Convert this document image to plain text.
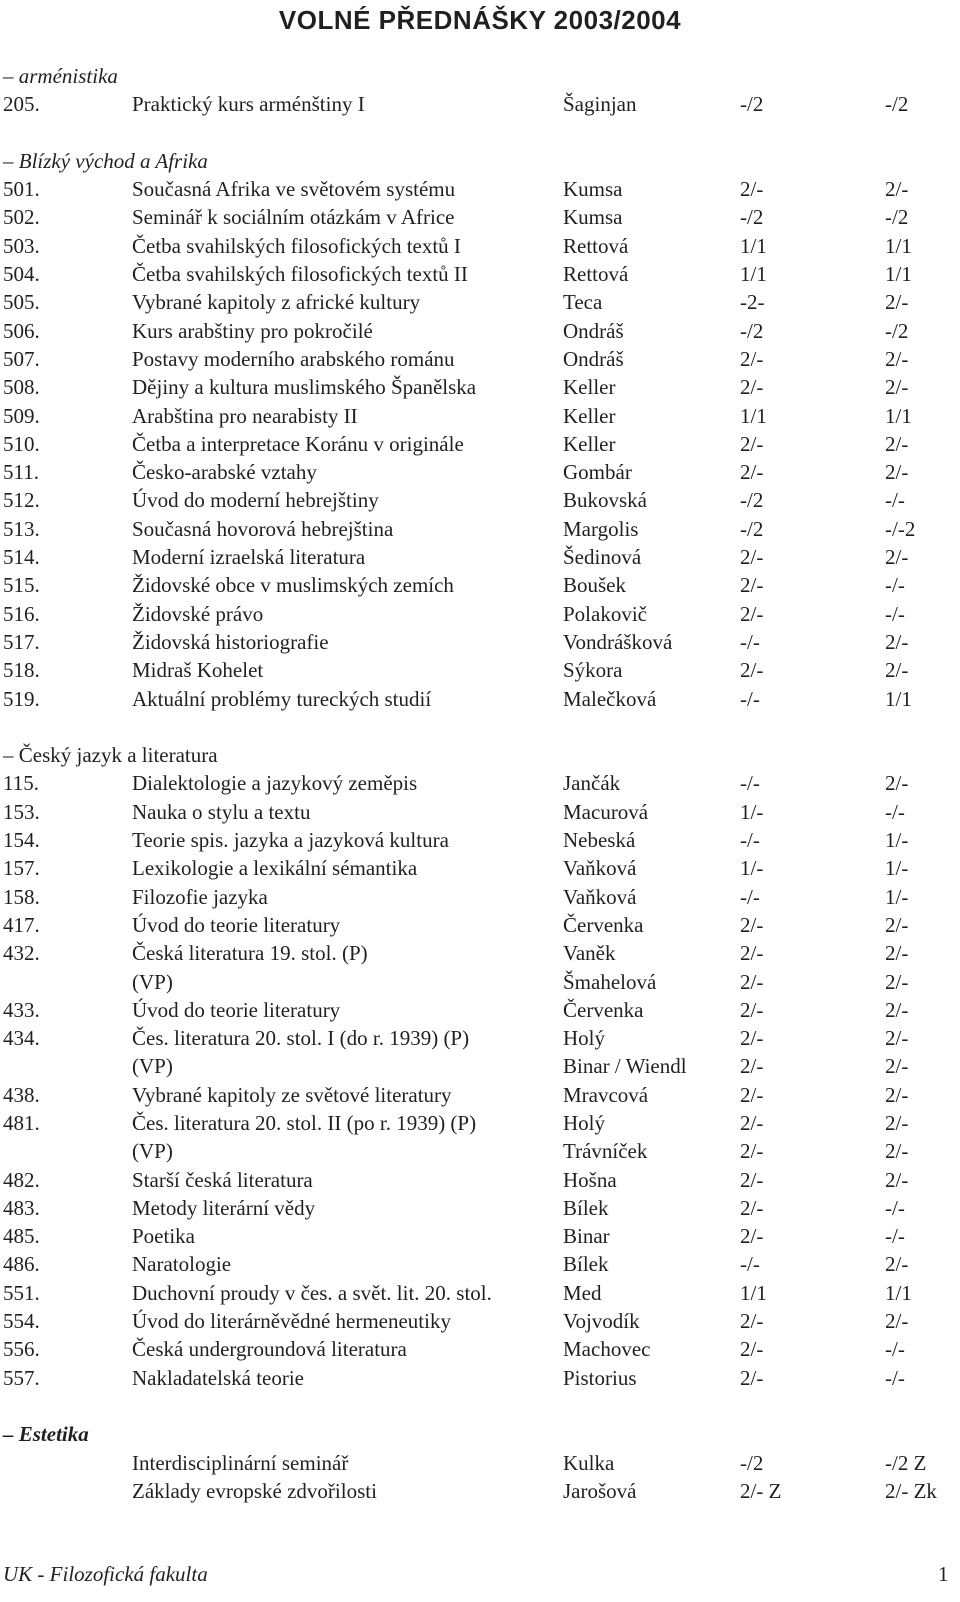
VOLNÉ PŘEDNÁŠKY 2003/2004
– arménistika
205.	Praktický kurs arménštiny I	Šaginjan	-/2	-/2
– Blízký východ a Afrika
501.	Současná Afrika ve světovém systému	Kumsa	2/-	2/-
502.	Seminář k sociálním otázkám v Africe	Kumsa	-/2	-/2
503.	Četba svahilských filosofických textů I	Rettová	1/1	1/1
504.	Četba svahilských filosofických textů II	Rettová	1/1	1/1
505.	Vybrané kapitoly z africké kultury	Teca	-2-	2/-
506.	Kurs arabštiny pro pokročilé	Ondráš	-/2	-/2
507.	Postavy moderního arabského románu	Ondráš	2/-	2/-
508.	Dějiny a kultura muslimského Španělska	Keller	2/-	2/-
509.	Arabština pro nearabisty II	Keller	1/1	1/1
510.	Četba a interpretace Koránu v originále	Keller	2/-	2/-
511.	Česko-arabské vztahy	Gombár	2/-	2/-
512.	Úvod do moderní hebrejštiny	Bukovská	-/2	-/-
513.	Současná hovorová hebrejština	Margolis	-/2	-/-2
514.	Moderní izraelská literatura	Šedinová	2/-	2/-
515.	Židovské obce v muslimských zemích	Boušek	2/-	-/-
516.	Židovské právo	Polakovič	2/-	-/-
517.	Židovská historiografie	Vondrášková	-/-	2/-
518.	Midraš Kohelet	Sýkora	2/-	2/-
519.	Aktuální problémy tureckých studií	Malečková	-/-	1/1
– Český jazyk a literatura
115.	Dialektologie a jazykový zeměpis	Jančák	-/-	2/-
153.	Nauka o stylu a textu	Macurová	1/-	-/-
154.	Teorie spis. jazyka a jazyková kultura	Nebeská	-/-	1/-
157.	Lexikologie a lexikální sémantika	Vaňková	1/-	1/-
158.	Filozofie jazyka	Vaňková	-/-	1/-
417.	Úvod do teorie literatury	Červenka	2/-	2/-
432.	Česká literatura 19. stol. (P)	Vaněk	2/-	2/-
(VP)	Šmahelová	2/-	2/-
433.	Úvod do teorie literatury	Červenka	2/-	2/-
434.	Čes. literatura 20. stol. I (do r. 1939) (P)	Holý	2/-	2/-
(VP)	Binar / Wiendl	2/-	2/-
438.	Vybrané kapitoly ze světové literatury	Mravcová	2/-	2/-
481.	Čes. literatura 20. stol. II (po r. 1939) (P)	Holý	2/-	2/-
(VP)	Trávníček	2/-	2/-
482.	Starší česká literatura	Hošna	2/-	2/-
483.	Metody literární vědy	Bílek	2/-	-/-
485.	Poetika	Binar	2/-	-/-
486.	Naratologie	Bílek	-/-	2/-
551.	Duchovní proudy v čes. a svět. lit. 20. stol.	Med	1/1	1/1
554.	Úvod do literárněvědné hermeneutiky	Vojvodík	2/-	2/-
556.	Česká undergroundová literatura	Machovec	2/-	-/-
557.	Nakladatelská teorie	Pistorius	2/-	-/-
– Estetika
Interdisciplinární seminář	Kulka	-/2	-/2 Z
Základy evropské zdvořilosti	Jarošová	2/- Z	2/- Zk
UK - Filozofická fakulta	1
